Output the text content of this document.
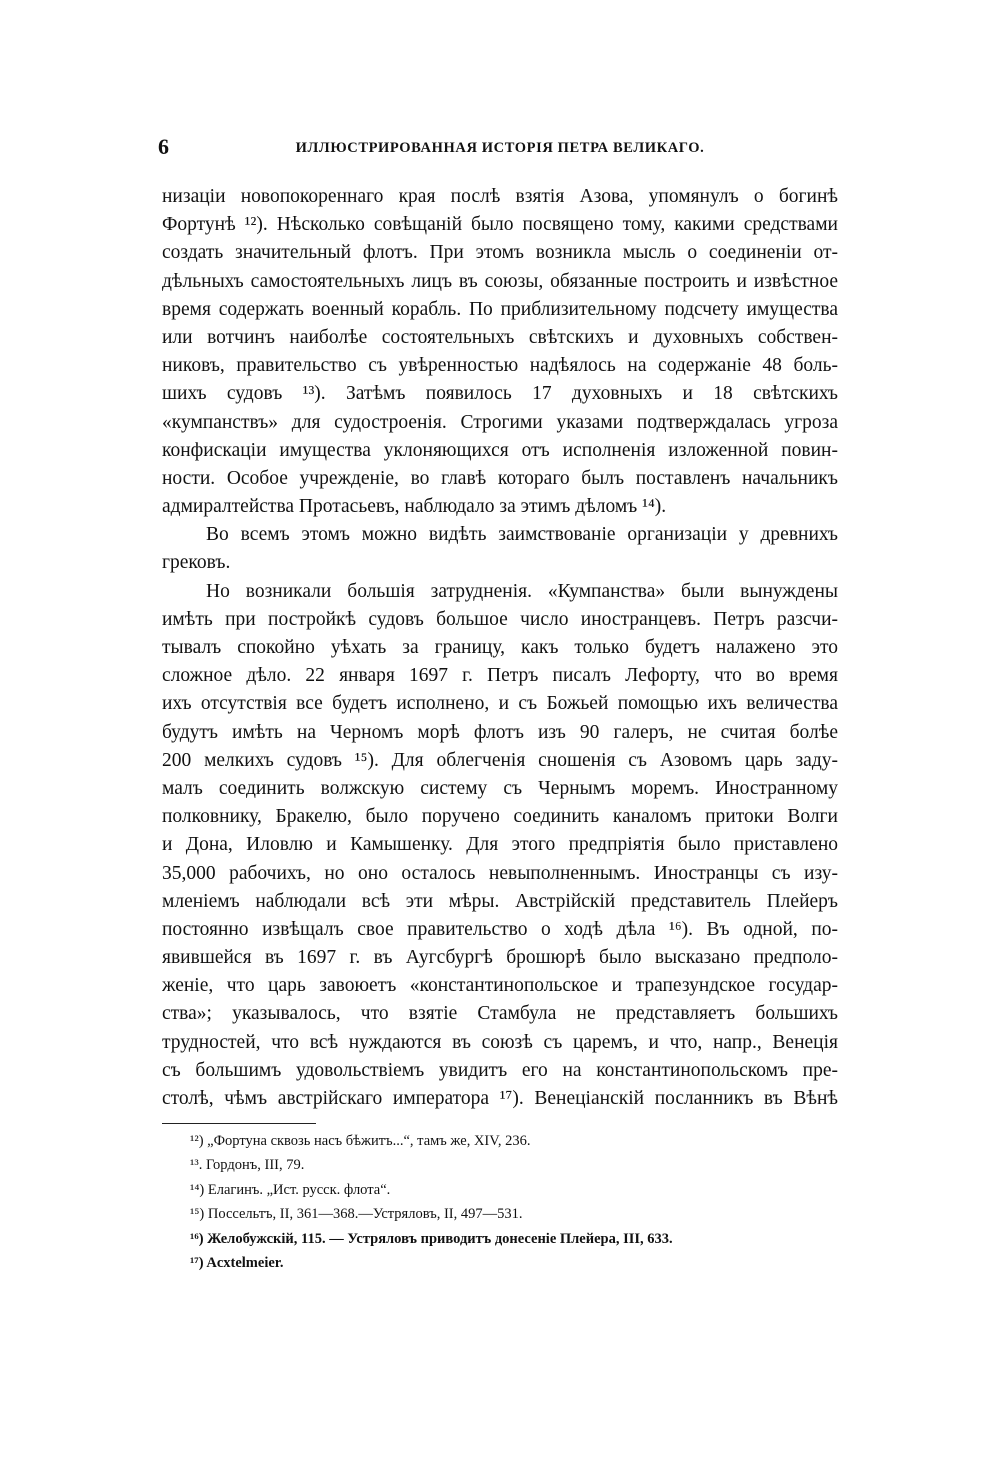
6	ИЛЛЮСТРИРОВАННАЯ ИСТОРІЯ ПЕТРА ВЕЛИКАГО.
низаціи новопокореннаго края послѣ взятія Азова, упомянулъ о богинѣ
Фортунѣ ¹²). Нѣсколько совѣщаній было посвящено тому, какими средствами
создать значительный флотъ. При этомъ возникла мысль о соединеніи от-
дѣльныхъ самостоятельныхъ лицъ въ союзы, обязанные построить и извѣстное
время содержать военный корабль. По приблизительному подсчету имущества
или вотчинъ наиболѣе состоятельныхъ свѣтскихъ и духовныхъ собствен-
никовъ, правительство съ увѣренностью надѣялось на содержаніе 48 боль-
шихъ судовъ ¹³). Затѣмъ появилось 17 духовныхъ и 18 свѣтскихъ
«кумпанствъ» для судостроенія. Строгими указами подтверждалась угроза
конфискаціи имущества уклоняющихся отъ исполненія изложенной повин-
ности. Особое учрежденіе, во главѣ котораго былъ поставленъ начальникъ
адмиралтейства Протасьевъ, наблюдало за этимъ дѣломъ ¹⁴).
Во всемъ этомъ можно видѣть заимствованіе организаціи у древнихъ
грековъ.
Но возникали большія затрудненія. «Кумпанства» были вынуждены
имѣть при постройкѣ судовъ большое число иностранцевъ. Петръ разсчи-
тывалъ спокойно уѣхать за границу, какъ только будетъ налажено это
сложное дѣло. 22 января 1697 г. Петръ писалъ Лефорту, что во время
ихъ отсутствія все будетъ исполнено, и съ Божьей помощью ихъ величества
будутъ имѣть на Черномъ морѣ флотъ изъ 90 галеръ, не считая болѣе
200 мелкихъ судовъ ¹⁵). Для облегченія сношенія съ Азовомъ царь заду-
малъ соединить волжскую систему съ Чернымъ моремъ. Иностранному
полковнику, Бракелю, было поручено соединить каналомъ притоки Волги
и Дона, Иловлю и Камышенку. Для этого предпріятія было приставлено
35,000 рабочихъ, но оно осталось невыполненнымъ. Иностранцы съ изу-
мленіемъ наблюдали всѣ эти мѣры. Австрійскій представитель Плейеръ
постоянно извѣщалъ свое правительство о ходѣ дѣла ¹⁶). Въ одной, по-
явившейся въ 1697 г. въ Аугсбургѣ брошюрѣ было высказано предполо-
женіе, что царь завоюетъ «константинопольское и трапезундское государ-
ства»; указывалось, что взятіе Стамбула не представляетъ большихъ
трудностей, что всѣ нуждаются въ союзѣ съ царемъ, и что, напр., Венеція
съ большимъ удовольствіемъ увидитъ его на константинопольскомъ пре-
столѣ, чѣмъ австрійскаго императора ¹⁷). Венеціанскій посланникъ въ Вѣнѣ
¹²) „Фортуна сквозь насъ бѣжитъ...“, тамъ же, XIV, 236.
¹³. Гордонъ, III, 79.
¹⁴) Елагинъ. „Ист. русск. флота“.
¹⁵) Поссельтъ, II, 361—368.—Устряловъ, II, 497—531.
¹⁶) Желобужскій, 115. — Устряловъ приводитъ донесеніе Плейера, III, 633.
¹⁷) Acxtelmeier.
